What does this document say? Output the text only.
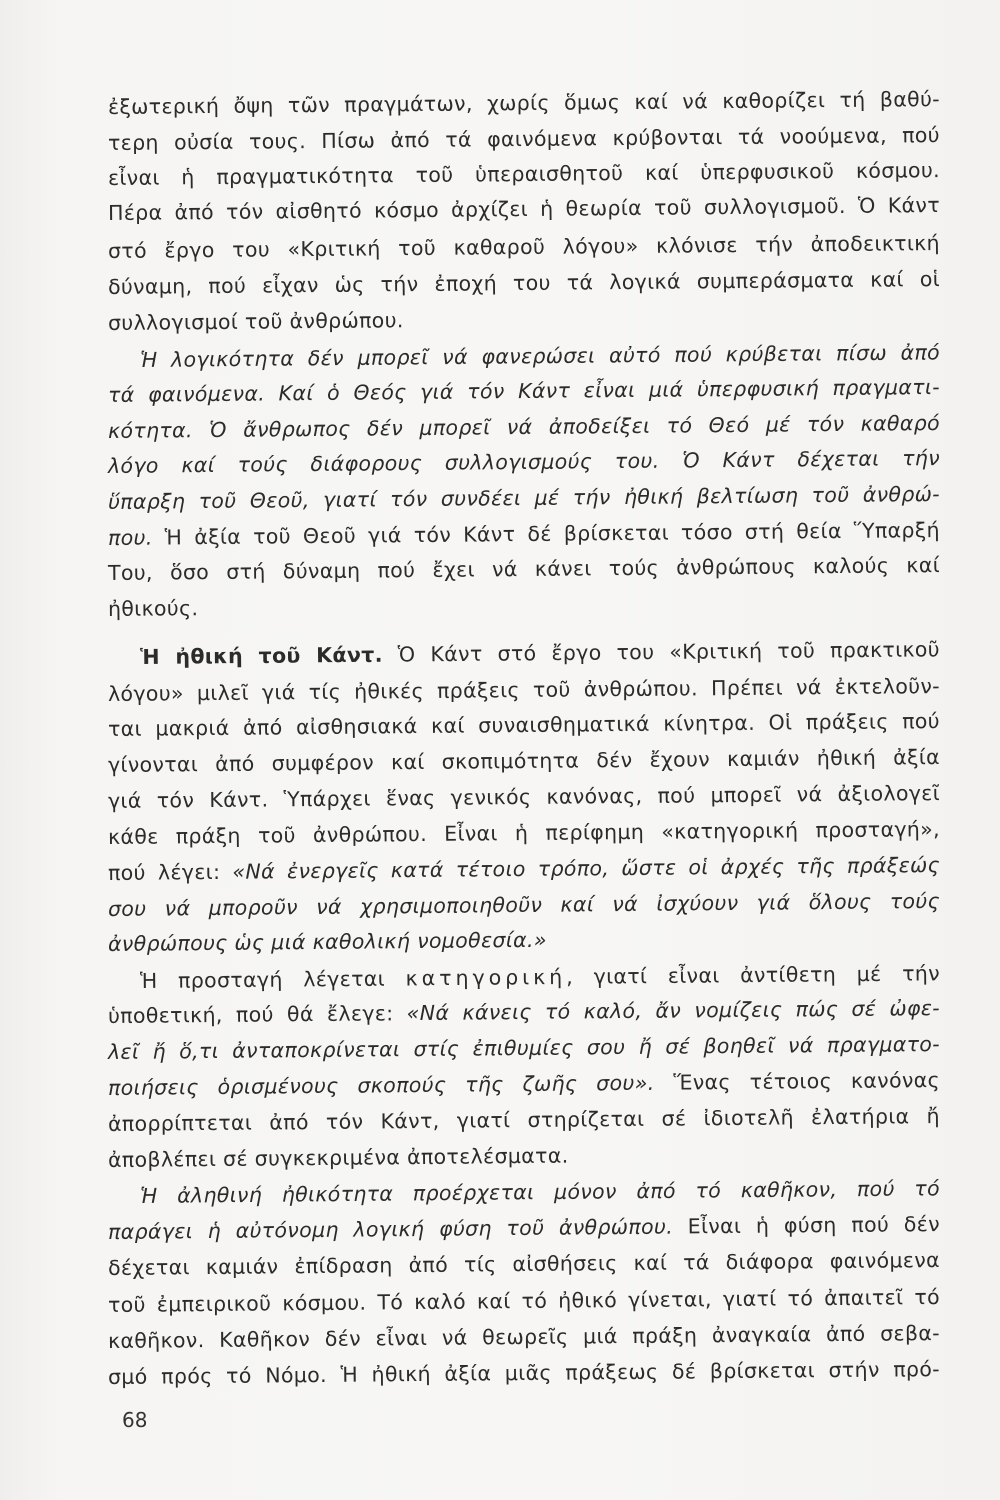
ἐξωτερική ὄψη τῶν πραγμάτων, χωρίς ὅμως καί νά καθορίζει τή βαθύ-
τερη οὐσία τους. Πίσω ἀπό τά φαινόμενα κρύβονται τά νοούμενα, πού
εἶναι ἡ πραγματικότητα τοῦ ὑπεραισθητοῦ καί ὑπερφυσικοῦ κόσμου.
Πέρα ἀπό τόν αἰσθητό κόσμο ἀρχίζει ἡ θεωρία τοῦ συλλογισμοῦ. Ὁ Κάντ
στό ἔργο του «Κριτική τοῦ καθαροῦ λόγου» κλόνισε τήν ἀποδεικτική
δύναμη, πού εἶχαν ὡς τήν ἐποχή του τά λογικά συμπεράσματα καί οἱ
συλλογισμοί τοῦ ἀνθρώπου.
Ἡ λογικότητα δέν μπορεῖ νά φανερώσει αὐτό πού κρύβεται πίσω ἀπό
τά φαινόμενα. Καί ὁ Θεός γιά τόν Κάντ εἶναι μιά ὑπερφυσική πραγματι-
κότητα. Ὁ ἄνθρωπος δέν μπορεῖ νά ἀποδείξει τό Θεό μέ τόν καθαρό
λόγο καί τούς διάφορους συλλογισμούς του. Ὁ Κάντ δέχεται τήν
ὕπαρξη τοῦ Θεοῦ, γιατί τόν συνδέει μέ τήν ἠθική βελτίωση τοῦ ἀνθρώ-
που. Ἡ ἀξία τοῦ Θεοῦ γιά τόν Κάντ δέ βρίσκεται τόσο στή θεία Ὕπαρξή
Του, ὅσο στή δύναμη πού ἔχει νά κάνει τούς ἀνθρώπους καλούς καί
ἠθικούς.
Ἡ ἠθική τοῦ Κάντ. Ὁ Κάντ στό ἔργο του «Κριτική τοῦ πρακτικοῦ
λόγου» μιλεῖ γιά τίς ἠθικές πράξεις τοῦ ἀνθρώπου. Πρέπει νά ἐκτελοῦν-
ται μακριά ἀπό αἰσθησιακά καί συναισθηματικά κίνητρα. Οἱ πράξεις πού
γίνονται ἀπό συμφέρον καί σκοπιμότητα δέν ἔχουν καμιάν ἠθική ἀξία
γιά τόν Κάντ. Ὑπάρχει ἕνας γενικός κανόνας, πού μπορεῖ νά ἀξιολογεῖ
κάθε πράξη τοῦ ἀνθρώπου. Εἶναι ἡ περίφημη «κατηγορική προσταγή»,
πού λέγει: «Νά ἐνεργεῖς κατά τέτοιο τρόπο, ὥστε οἱ ἀρχές τῆς πράξεώς
σου νά μποροῦν νά χρησιμοποιηθοῦν καί νά ἰσχύουν γιά ὅλους τούς
ἀνθρώπους ὡς μιά καθολική νομοθεσία.»
Ἡ προσταγή λέγεται κατηγορική, γιατί εἶναι ἀντίθετη μέ τήν
ὑποθετική, πού θά ἔλεγε: «Νά κάνεις τό καλό, ἄν νομίζεις πώς σέ ὠφε-
λεῖ ἤ ὅ,τι ἀνταποκρίνεται στίς ἐπιθυμίες σου ἤ σέ βοηθεῖ νά πραγματο-
ποιήσεις ὁρισμένους σκοπούς τῆς ζωῆς σου». Ἕνας τέτοιος κανόνας
ἀπορρίπτεται ἀπό τόν Κάντ, γιατί στηρίζεται σέ ἰδιοτελῆ ἐλατήρια ἤ
ἀποβλέπει σέ συγκεκριμένα ἀποτελέσματα.
Ἡ ἀληθινή ἠθικότητα προέρχεται μόνον ἀπό τό καθῆκον, πού τό
παράγει ἡ αὐτόνομη λογική φύση τοῦ ἀνθρώπου. Εἶναι ἡ φύση πού δέν
δέχεται καμιάν ἐπίδραση ἀπό τίς αἰσθήσεις καί τά διάφορα φαινόμενα
τοῦ ἐμπειρικοῦ κόσμου. Τό καλό καί τό ἠθικό γίνεται, γιατί τό ἀπαιτεῖ τό
καθῆκον. Καθῆκον δέν εἶναι νά θεωρεῖς μιά πράξη ἀναγκαία ἀπό σεβα-
σμό πρός τό Νόμο. Ἡ ἠθική ἀξία μιᾶς πράξεως δέ βρίσκεται στήν πρό-
68
